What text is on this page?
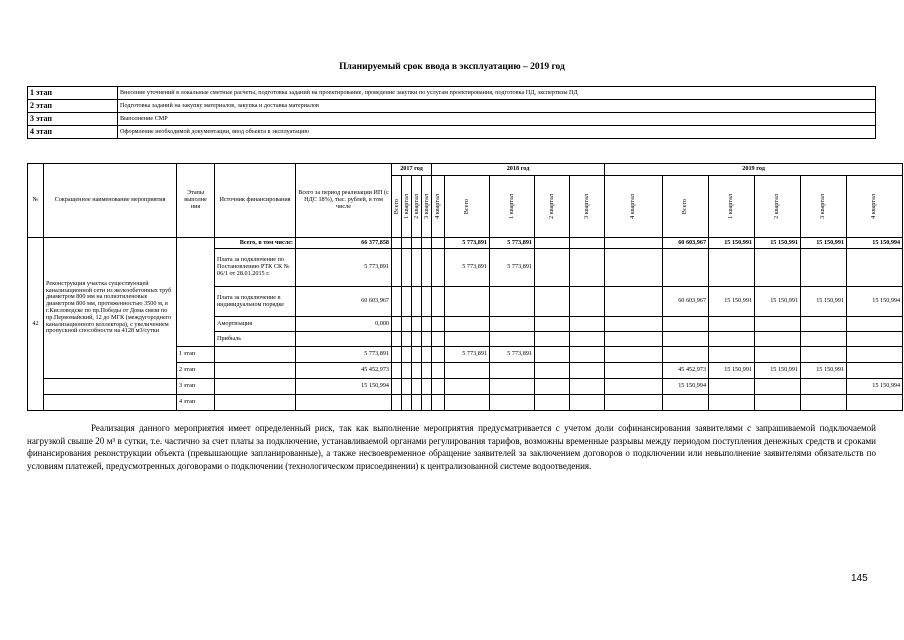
Планируемый срок ввода в эксплуатацию – 2019 год
1 этап	Внесение уточнений в локальные сметные расчеты, подготовка заданий на проектирование, проведение закупки по услугам проектирования, подготовка ПД, экспертизы ПД
2 этап	Подготовка заданий на закупку материалов, закупка и доставка материалов
3 этап	Выполнение СМР
4 этап	Оформление необходимой документации, ввод объекта в эксплуатацию
№	Сокращенное наименование мероприятия	Этапы выполне ния	Источник финансирования	Всего за период реализации ИП (с НДС 18%), тыс. рублей, в том числе	2017 год				2018 год					2019 год					

					Всего	1 квартал	2 квартал	3 квартал	4 квартал	Всего	1 квартал	2 квартал	3 квартал	4 квартал	Всего	1 квартал	2 квартал	3 квартал	4 квартал

42	Реконструкция участка существующей канализационной сети из железобетонных труб диаметром 800 мм на полиэтиленовые диаметром 800 мм, протяженностью 3500 м, в г.Кисловодске по пр.Победы от Дома связи по пр.Первомайский, 12 до МГК (междугороднего канализационного коллектора), с увеличением пропускной способности на 4128 м3/сутки		Всего, в том числе:	66 377,858						5 773,891	5 773,891				60 603,967	15 150,991	15 150,991	15 150,991	15 150,994
			Плата за подключение по Постановлению РТК СК № 06/1 от 28.01.2015 г.	5 773,891						5 773,891	5 773,891								
			Плата за подключение в индивидуальном порядке	60 603,967											60 603,967	15 150,991	15 150,991	15 150,991	15 150,994
			Амортизация	0,000															
			Прибыль																
		1 этап		5 773,891						5 773,891	5 773,891								
		2 этап		45 452,973											45 452,973	15 150,991	15 150,991	15 150,991	
		3 этап		15 150,994											15 150,994				15 150,994
		4 этап																	
Реализация данного мероприятия имеет определенный риск, так как выполнение мероприятия предусматривается с учетом доли софинансирования заявителями с запрашиваемой подключаемой нагрузкой свыше 20 м³ в сутки, т.е. частично за счет платы за подключение, устанавливаемой органами регулирования тарифов, возможны временные разрывы между периодом поступления денежных средств и сроками финансирования реконструкции объекта (превышающие запланированные), а также несвоевременное обращение заявителей за заключением договоров о подключении или невыполнение заявителями обязательств по условиям платежей, предусмотренных договорами о подключении (технологическом присоединении) к централизованной системе водоотведения.
145
